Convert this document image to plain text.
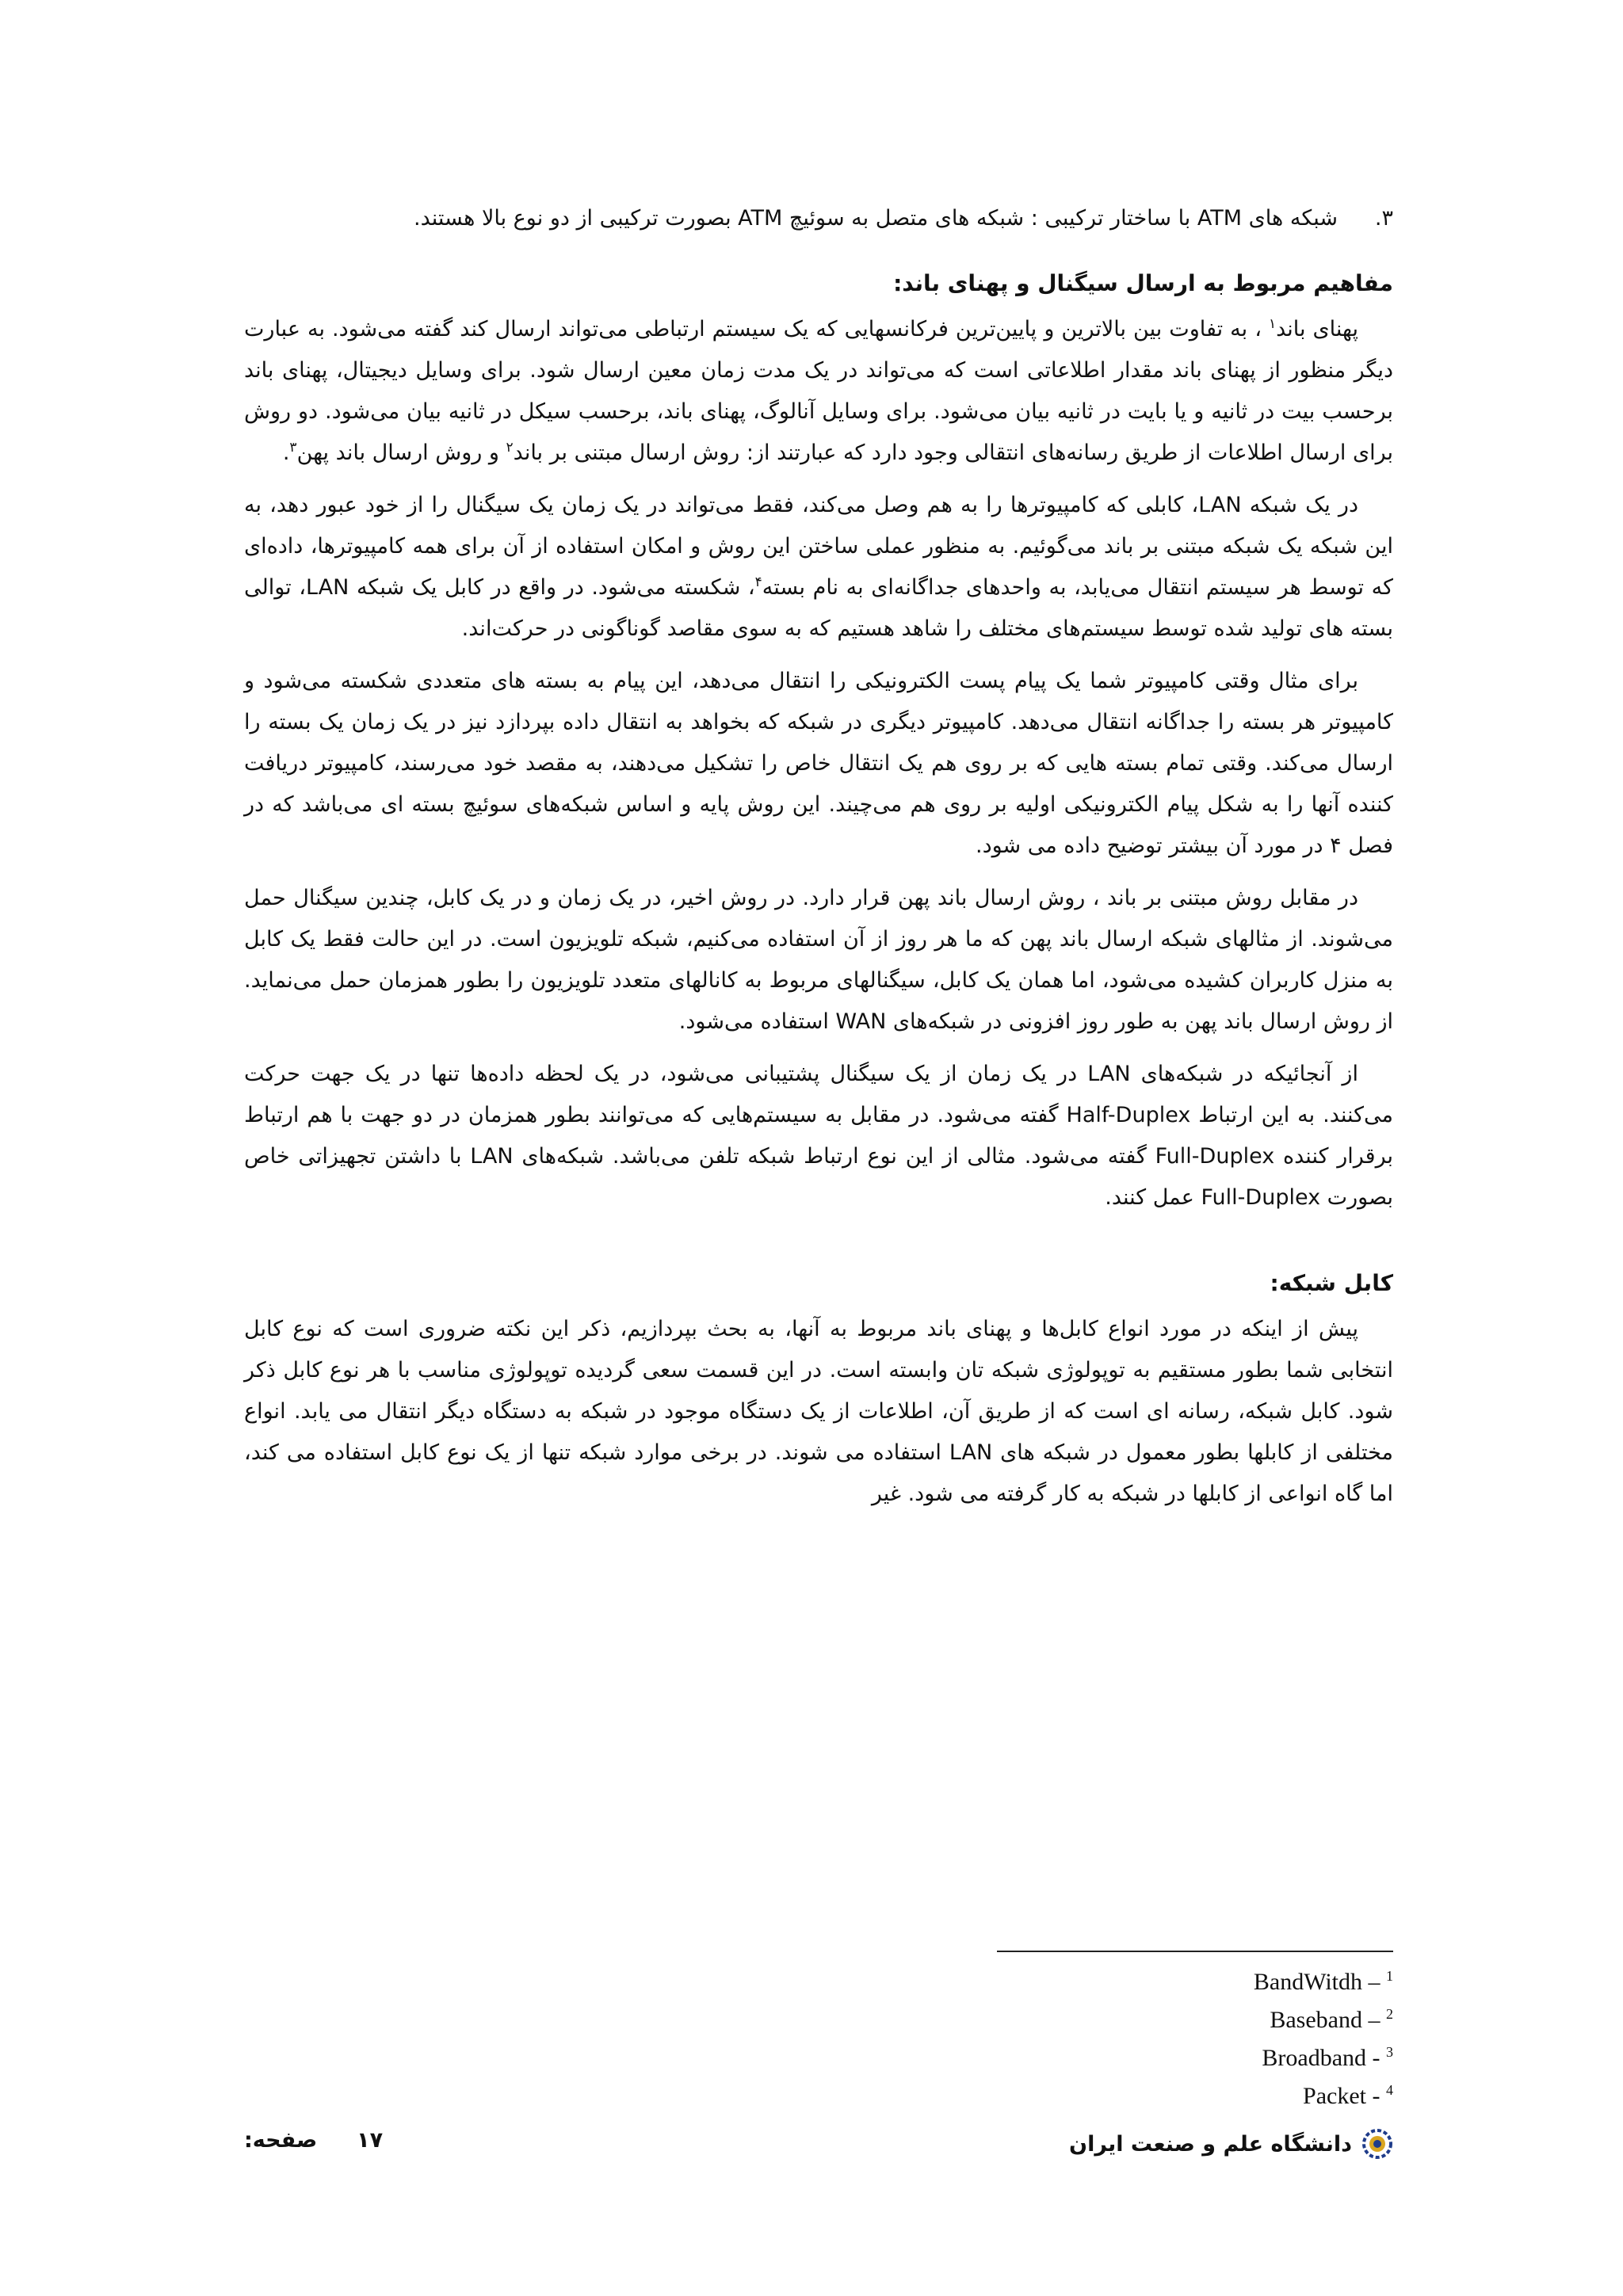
۳.
شبکه های ATM با ساختار ترکیبی : شبکه های متصل به سوئیچ ATM بصورت ترکیبی از دو نوع بالا هستند.
مفاهیم مربوط به ارسال سیگنال و پهنای باند:

پهنای باند$^۱$ ، به تفاوت بین بالاترین و پایین‌ترین فرکانسهایی که یک سیستم ارتباطی می‌تواند ارسال کند گفته می‌شود. به عبارت دیگر منظور از پهنای باند مقدار اطلاعاتی است که می‌تواند در یک مدت زمان معین ارسال شود. برای وسایل دیجیتال، پهنای باند برحسب بیت در ثانیه و یا بایت در ثانیه بیان می‌شود. برای وسایل آنالوگ، پهنای باند، برحسب سیکل در ثانیه بیان می‌شود. دو روش برای ارسال اطلاعات از طریق رسانه‌های انتقالی وجود دارد که عبارتند از: روش ارسال مبتنی بر باند$^۲$ و روش ارسال باند پهن$^۳$.

در یک شبکه LAN، کابلی که کامپیوترها را به هم وصل می‌کند، فقط می‌تواند در یک زمان یک سیگنال را از خود عبور دهد، به این شبکه یک شبکه مبتنی بر باند می‌گوئیم. به منظور عملی ساختن این روش و امکان استفاده از آن برای همه کامپیوترها، داده‌ای که توسط هر سیستم انتقال می‌یابد، به واحدهای جداگانه‌ای به نام بسته$^۴$، شکسته می‌شود. در واقع در کابل یک شبکه LAN، توالی بسته های تولید شده توسط سیستم‌های مختلف را شاهد هستیم که به سوی مقاصد گوناگونی در حرکت‌اند.

برای مثال وقتی کامپیوتر شما یک پیام پست الکترونیکی را انتقال می‌دهد، این پیام به بسته های متعددی شکسته می‌شود و کامپیوتر هر بسته را جداگانه انتقال می‌دهد. کامپیوتر دیگری در شبکه که بخواهد به انتقال داده بپردازد نیز در یک زمان یک بسته را ارسال می‌کند. وقتی تمام بسته هایی که بر روی هم یک انتقال خاص را تشکیل می‌دهند، به مقصد خود می‌رسند، کامپیوتر دریافت کننده آنها را به شکل پیام الکترونیکی اولیه بر روی هم می‌چیند. این روش پایه و اساس شبکه‌های سوئیچ بسته ای می‌باشد که در فصل ۴ در مورد آن بیشتر توضیح داده می شود.

در مقابل روش مبتنی بر باند ، روش ارسال باند پهن قرار دارد. در روش اخیر، در یک زمان و در یک کابل، چندین سیگنال حمل می‌شوند. از مثالهای شبکه ارسال باند پهن که ما هر روز از آن استفاده می‌کنیم، شبکه تلویزیون است. در این حالت فقط یک کابل به منزل کاربران کشیده می‌شود، اما همان یک کابل، سیگنالهای مربوط به کانالهای متعدد تلویزیون را بطور همزمان حمل می‌نماید. از روش ارسال باند پهن به طور روز افزونی در شبکه‌های WAN استفاده می‌شود.

از آنجائیکه در شبکه‌های LAN در یک زمان از یک سیگنال پشتیبانی می‌شود، در یک لحظه داده‌ها تنها در یک جهت حرکت می‌کنند. به این ارتباط Half-Duplex گفته می‌شود. در مقابل به سیستم‌هایی که می‌توانند بطور همزمان در دو جهت با هم ارتباط برقرار کننده Full-Duplex گفته می‌شود. مثالی از این نوع ارتباط شبکه تلفن می‌باشد. شبکه‌های LAN با داشتن تجهیزاتی خاص بصورت Full-Duplex عمل کنند.

کابل شبکه:

پیش از اینکه در مورد انواع کابل‌ها و پهنای باند مربوط به آنها، به بحث بپردازیم، ذکر این نکته ضروری است که نوع کابل انتخابی شما بطور مستقیم به توپولوژی شبکه تان وابسته است. در این قسمت سعی گردیده توپولوژی مناسب با هر نوع کابل ذکر شود. کابل شبکه، رسانه ای است که از طریق آن، اطلاعات از یک دستگاه موجود در شبکه به دستگاه دیگر انتقال می یابد. انواع مختلفی از کابلها بطور معمول در شبکه های LAN استفاده می شوند. در برخی موارد شبکه تنها از یک نوع کابل استفاده می کند، اما گاه انواعی از کابلها در شبکه به کار گرفته می شود. غیر

BandWitdh – $^1$
Baseband – $^2$
Broadband - $^3$
Packet - $^4$
دانشگاه علم و صنعت ایران
صفحه: ۱۷
